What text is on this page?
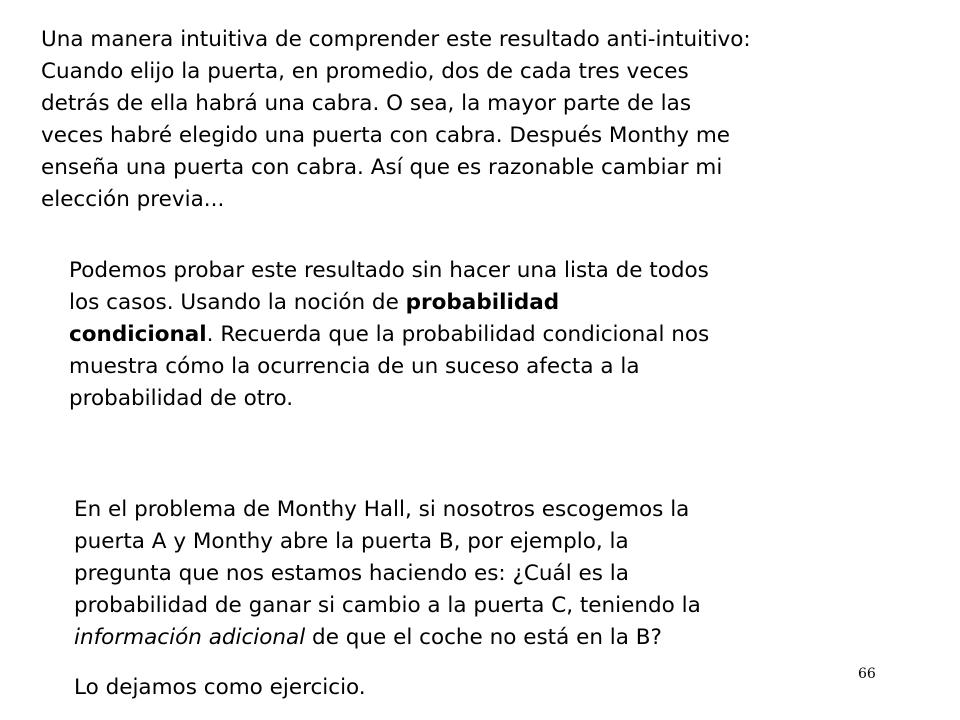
Una manera intuitiva de comprender este resultado anti-intuitivo:
Cuando elijo la puerta, en promedio, dos de cada tres veces
detrás de ella habrá una cabra. O sea, la mayor parte de las
veces habré elegido una puerta con cabra. Después Monthy me
enseña una puerta con cabra. Así que es razonable cambiar mi
elección previa...
Podemos probar este resultado sin hacer una lista de todos
los casos. Usando la noción de probabilidad
condicional. Recuerda que la probabilidad condicional nos
muestra cómo la ocurrencia de un suceso afecta a la
probabilidad de otro.
En el problema de Monthy Hall, si nosotros escogemos la
puerta A y Monthy abre la puerta B, por ejemplo, la
pregunta que nos estamos haciendo es: ¿Cuál es la
probabilidad de ganar si cambio a la puerta C, teniendo la
información adicional de que el coche no está en la B?
Lo dejamos como ejercicio.
66
